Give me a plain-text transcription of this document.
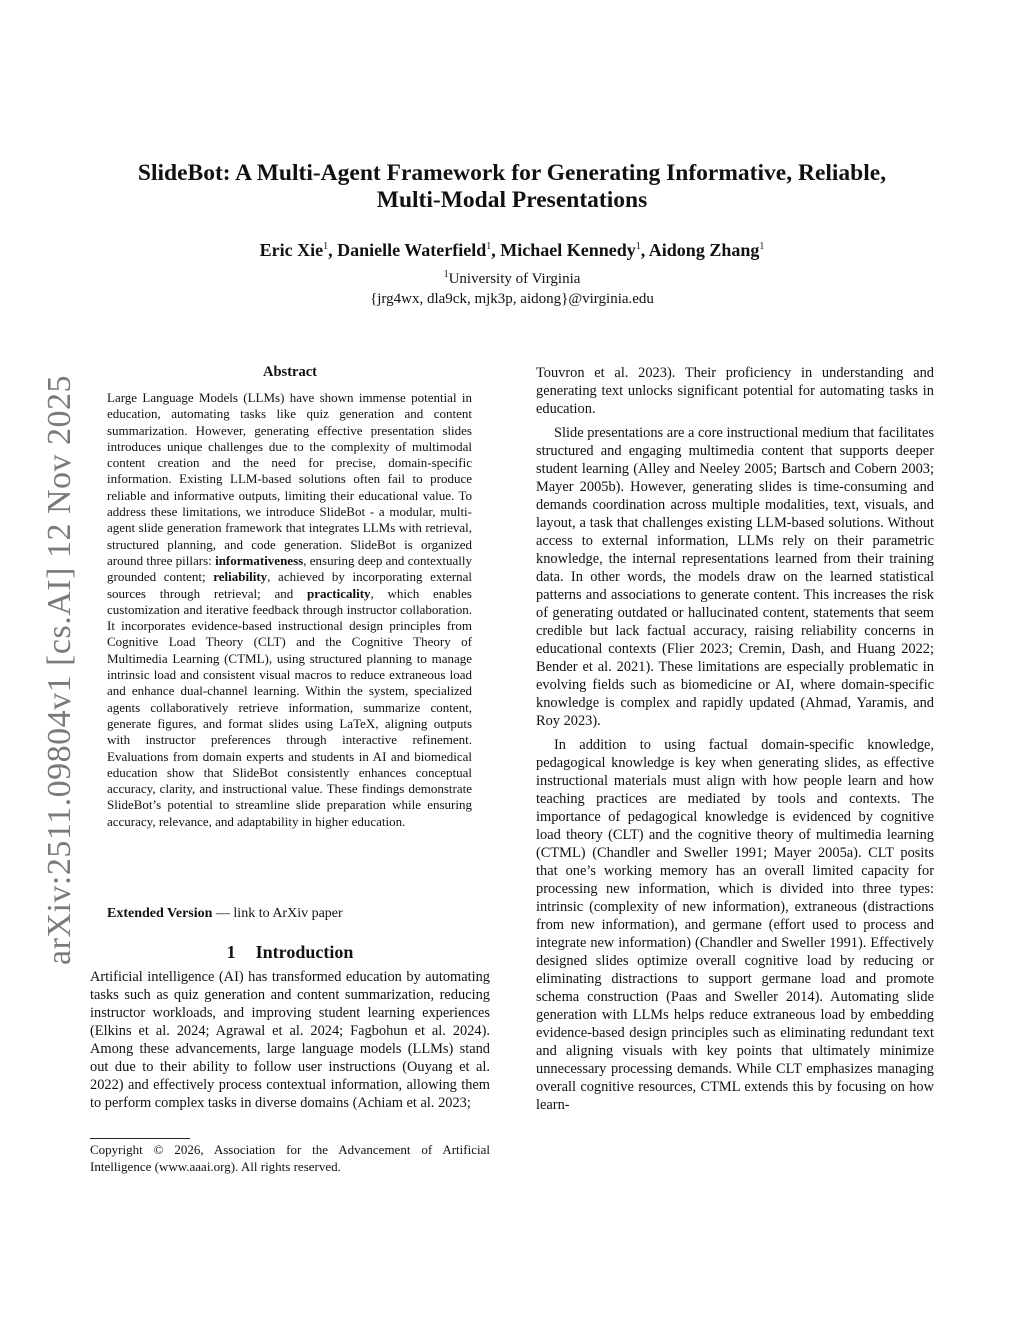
arXiv:2511.09804v1 [cs.AI] 12 Nov 2025
SlideBot: A Multi-Agent Framework for Generating Informative, Reliable,
Multi-Modal Presentations
Eric Xie$^1$, Danielle Waterfield$^1$, Michael Kennedy$^1$, Aidong Zhang$^1$
$^1$University of Virginia
{jrg4wx, dla9ck, mjk3p, aidong}@virginia.edu
Abstract
Large Language Models (LLMs) have shown immense potential in education, automating tasks like quiz generation and content summarization. However, generating effective presentation slides introduces unique challenges due to the complexity of multimodal content creation and the need for precise, domain-specific information. Existing LLM-based solutions often fail to produce reliable and informative outputs, limiting their educational value. To address these limitations, we introduce SlideBot - a modular, multi-agent slide generation framework that integrates LLMs with retrieval, structured planning, and code generation. SlideBot is organized around three pillars: informativeness, ensuring deep and contextually grounded content; reliability, achieved by incorporating external sources through retrieval; and practicality, which enables customization and iterative feedback through instructor collaboration. It incorporates evidence-based instructional design principles from Cognitive Load Theory (CLT) and the Cognitive Theory of Multimedia Learning (CTML), using structured planning to manage intrinsic load and consistent visual macros to reduce extraneous load and enhance dual-channel learning. Within the system, specialized agents collaboratively retrieve information, summarize content, generate figures, and format slides using LaTeX, aligning outputs with instructor preferences through interactive refinement. Evaluations from domain experts and students in AI and biomedical education show that SlideBot consistently enhances conceptual accuracy, clarity, and instructional value. These findings demonstrate SlideBot’s potential to streamline slide preparation while ensuring accuracy, relevance, and adaptability in higher education.
Extended Version — link to ArXiv paper
1 Introduction
Artificial intelligence (AI) has transformed education by automating tasks such as quiz generation and content summarization, reducing instructor workloads, and improving student learning experiences (Elkins et al. 2024; Agrawal et al. 2024; Fagbohun et al. 2024). Among these advancements, large language models (LLMs) stand out due to their ability to follow user instructions (Ouyang et al. 2022) and effectively process contextual information, allowing them to perform complex tasks in diverse domains (Achiam et al. 2023;
Copyright © 2026, Association for the Advancement of Artificial Intelligence (www.aaai.org). All rights reserved.

Touvron et al. 2023). Their proficiency in understanding and generating text unlocks significant potential for automating tasks in education.

Slide presentations are a core instructional medium that facilitates structured and engaging multimedia content that supports deeper student learning (Alley and Neeley 2005; Bartsch and Cobern 2003; Mayer 2005b). However, generating slides is time-consuming and demands coordination across multiple modalities, text, visuals, and layout, a task that challenges existing LLM-based solutions. Without access to external information, LLMs rely on their parametric knowledge, the internal representations learned from their training data. In other words, the models draw on the learned statistical patterns and associations to generate content. This increases the risk of generating outdated or hallucinated content, statements that seem credible but lack factual accuracy, raising reliability concerns in educational contexts (Flier 2023; Cremin, Dash, and Huang 2022; Bender et al. 2021). These limitations are especially problematic in evolving fields such as biomedicine or AI, where domain-specific knowledge is complex and rapidly updated (Ahmad, Yaramis, and Roy 2023).

In addition to using factual domain-specific knowledge, pedagogical knowledge is key when generating slides, as effective instructional materials must align with how people learn and how teaching practices are mediated by tools and contexts. The importance of pedagogical knowledge is evidenced by cognitive load theory (CLT) and the cognitive theory of multimedia learning (CTML) (Chandler and Sweller 1991; Mayer 2005a). CLT posits that one’s working memory has an overall limited capacity for processing new information, which is divided into three types: intrinsic (complexity of new information), extraneous (distractions from new information), and germane (effort used to process and integrate new information) (Chandler and Sweller 1991). Effectively designed slides optimize overall cognitive load by reducing or eliminating distractions to support germane load and promote schema construction (Paas and Sweller 2014). Automating slide generation with LLMs helps reduce extraneous load by embedding evidence-based design principles such as eliminating redundant text and aligning visuals with key points that ultimately minimize unnecessary processing demands. While CLT emphasizes managing overall cognitive resources, CTML extends this by focusing on how learn-
